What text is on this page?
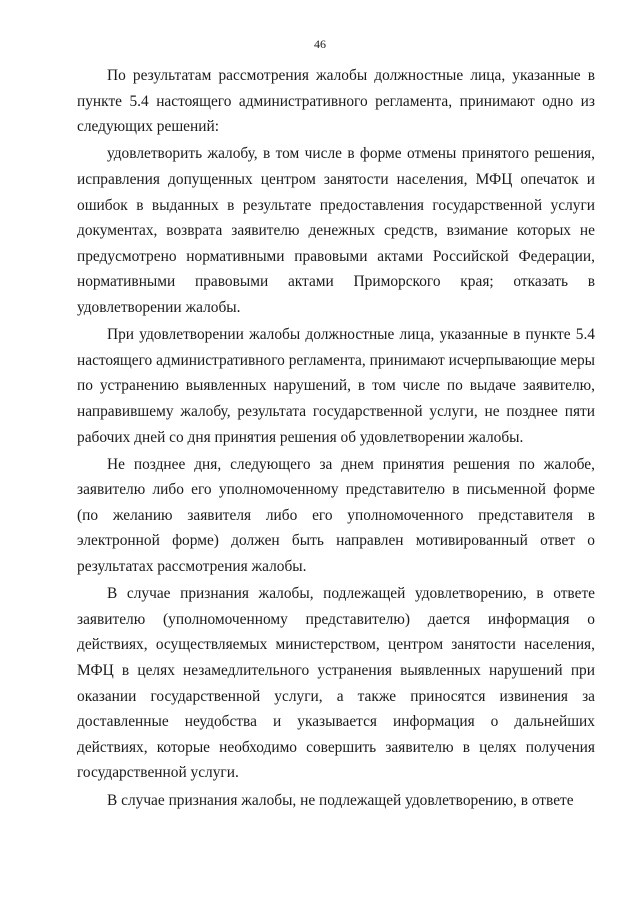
46

По результатам рассмотрения жалобы должностные лица, указанные в пункте 5.4 настоящего административного регламента, принимают одно из следующих решений:

удовлетворить жалобу, в том числе в форме отмены принятого решения, исправления допущенных центром занятости населения, МФЦ опечаток и ошибок в выданных в результате предоставления государственной услуги документах, возврата заявителю денежных средств, взимание которых не предусмотрено нормативными правовыми актами Российской Федерации, нормативными правовыми актами Приморского края; отказать в удовлетворении жалобы.

При удовлетворении жалобы должностные лица, указанные в пункте 5.4 настоящего административного регламента, принимают исчерпывающие меры по устранению выявленных нарушений, в том числе по выдаче заявителю, направившему жалобу, результата государственной услуги, не позднее пяти рабочих дней со дня принятия решения об удовлетворении жалобы.

Не позднее дня, следующего за днем принятия решения по жалобе, заявителю либо его уполномоченному представителю в письменной форме (по желанию заявителя либо его уполномоченного представителя в электронной форме) должен быть направлен мотивированный ответ о результатах рассмотрения жалобы.

В случае признания жалобы, подлежащей удовлетворению, в ответе заявителю (уполномоченному представителю) дается информация о действиях, осуществляемых министерством, центром занятости населения, МФЦ в целях незамедлительного устранения выявленных нарушений при оказании государственной услуги, а также приносятся извинения за доставленные неудобства и указывается информация о дальнейших действиях, которые необходимо совершить заявителю в целях получения государственной услуги.

В случае признания жалобы, не подлежащей удовлетворению, в ответе
